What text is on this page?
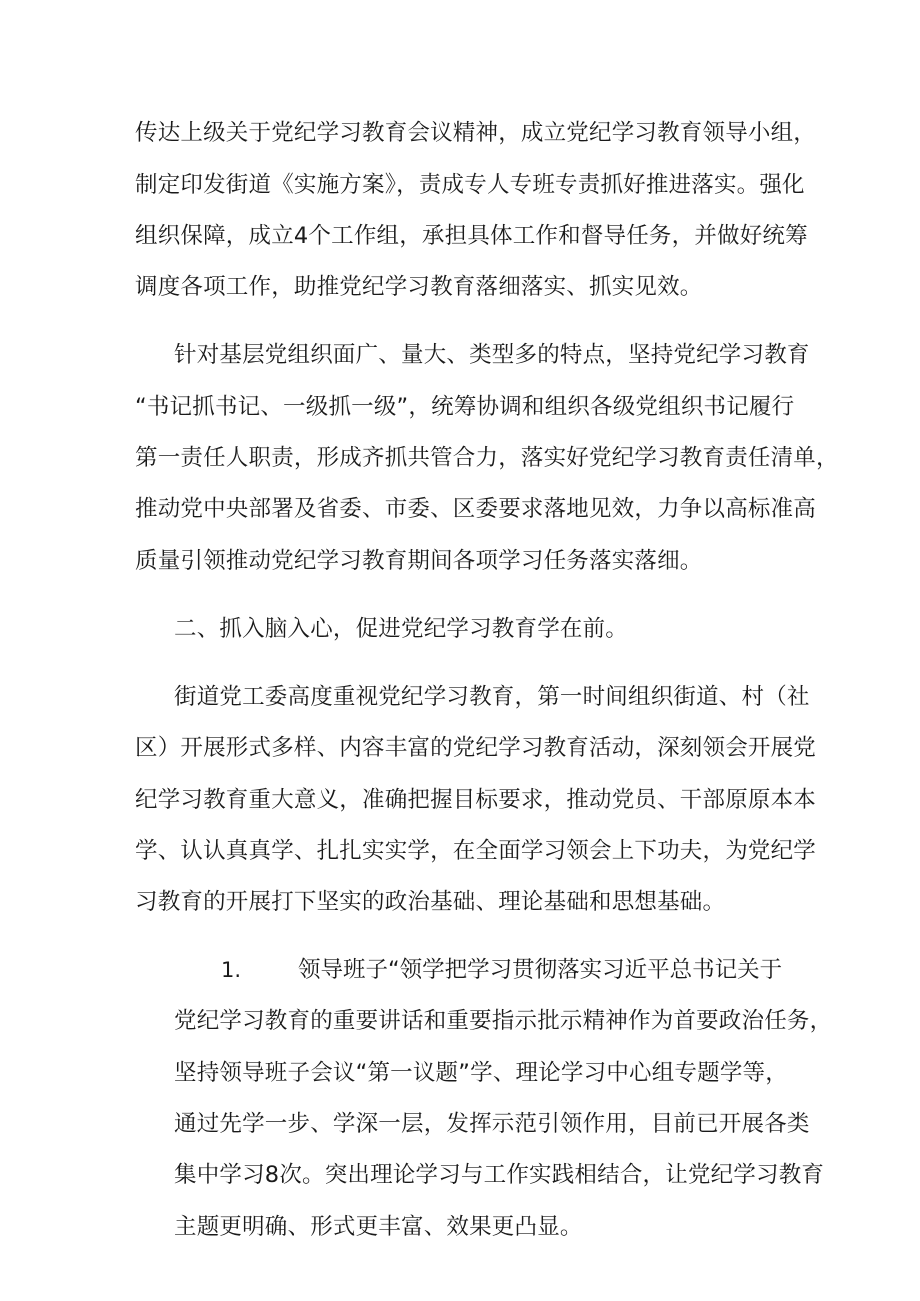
传达上级关于党纪学习教育会议精神，成立党纪学习教育领导小组，
制定印发街道《实施方案》，责成专人专班专责抓好推进落实。强化
组织保障，成立4个工作组，承担具体工作和督导任务，并做好统筹
调度各项工作，助推党纪学习教育落细落实、抓实见效。
针对基层党组织面广、量大、类型多的特点，坚持党纪学习教育
“书记抓书记、一级抓一级”，统筹协调和组织各级党组织书记履行
第一责任人职责，形成齐抓共管合力，落实好党纪学习教育责任清单，
推动党中央部署及省委、市委、区委要求落地见效，力争以高标准高
质量引领推动党纪学习教育期间各项学习任务落实落细。
二、抓入脑入心，促进党纪学习教育学在前。
街道党工委高度重视党纪学习教育，第一时间组织街道、村（社
区）开展形式多样、内容丰富的党纪学习教育活动，深刻领会开展党
纪学习教育重大意义，准确把握目标要求，推动党员、干部原原本本
学、认认真真学、扎扎实实学，在全面学习领会上下功夫，为党纪学
习教育的开展打下坚实的政治基础、理论基础和思想基础。
1.	领导班子“领学把学习贯彻落实习近平总书记关于
党纪学习教育的重要讲话和重要指示批示精神作为首要政治任务，
坚持领导班子会议“第一议题”学、理论学习中心组专题学等，
通过先学一步、学深一层，发挥示范引领作用，目前已开展各类
集中学习8次。突出理论学习与工作实践相结合，让党纪学习教育
主题更明确、形式更丰富、效果更凸显。
